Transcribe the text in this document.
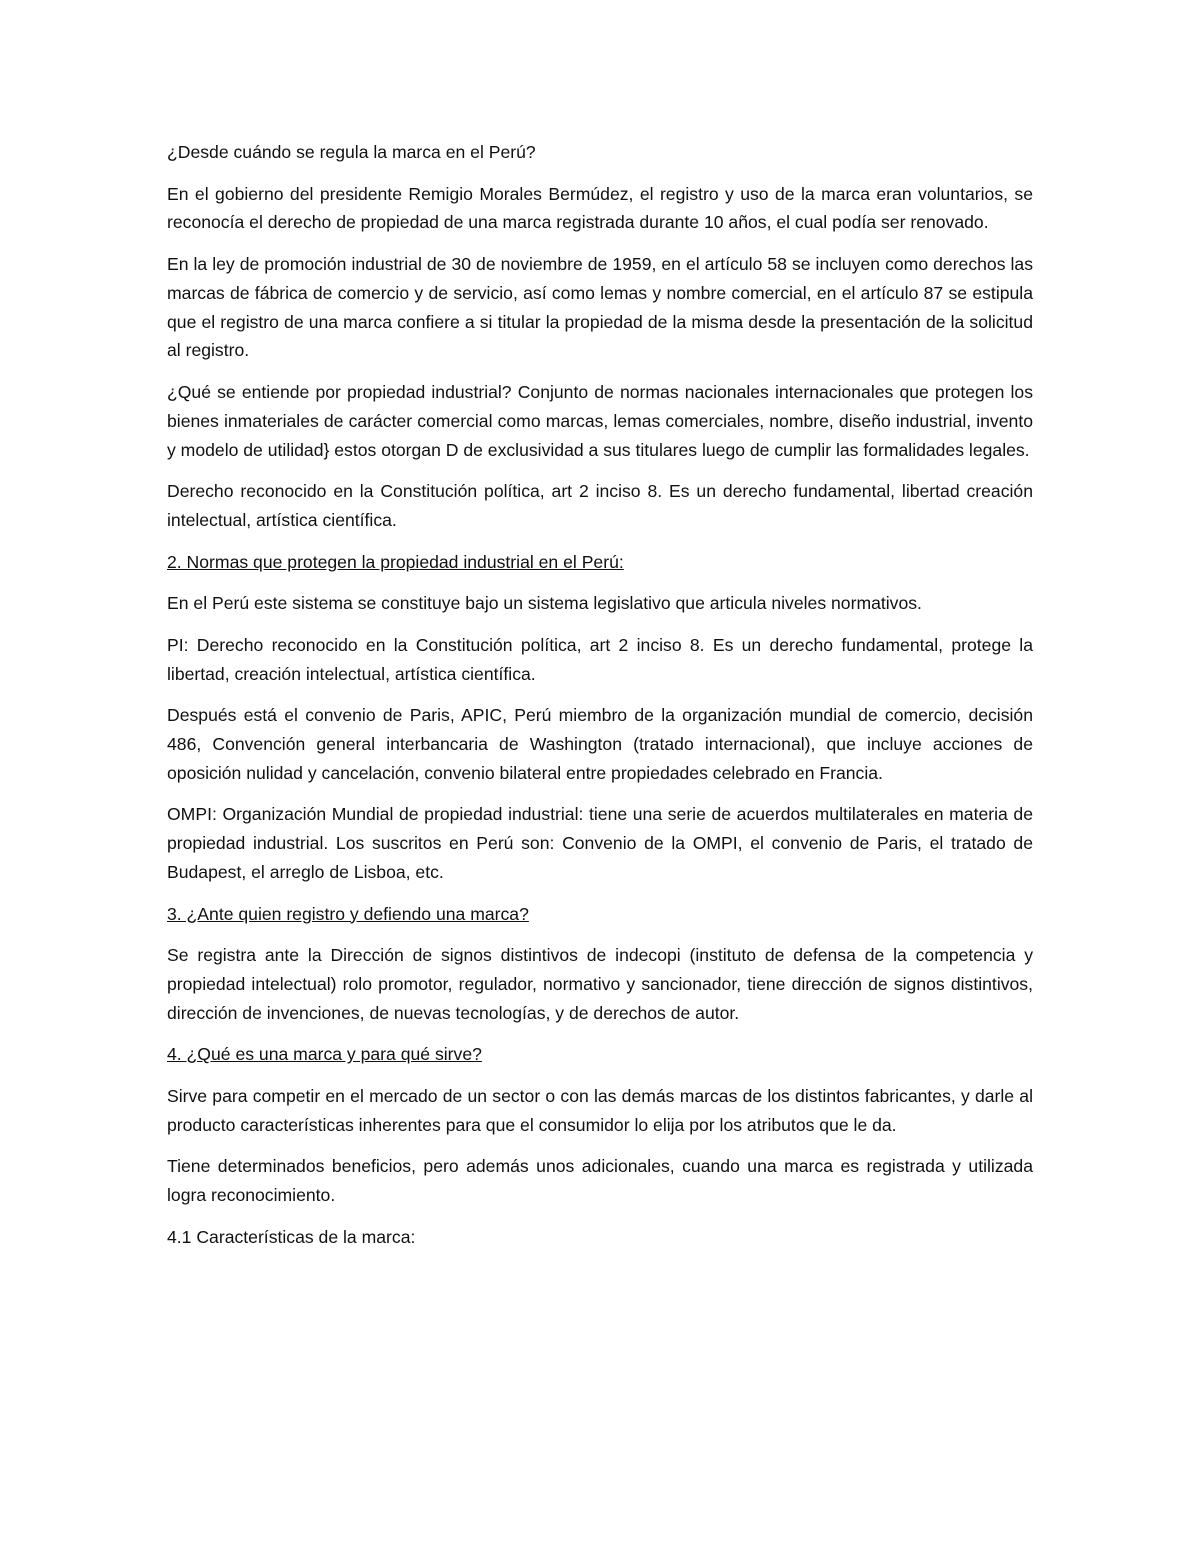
¿Desde cuándo se regula la marca en el Perú?

En el gobierno del presidente Remigio Morales Bermúdez, el registro y uso de la marca eran voluntarios, se reconocía el derecho de propiedad de una marca registrada durante 10 años, el cual podía ser renovado.

En la ley de promoción industrial de 30 de noviembre de 1959, en el artículo 58 se incluyen como derechos las marcas de fábrica de comercio y de servicio, así como lemas y nombre comercial, en el artículo 87 se estipula que el registro de una marca confiere a si titular la propiedad de la misma desde la presentación de la solicitud al registro.

¿Qué se entiende por propiedad industrial? Conjunto de normas nacionales internacionales que protegen los bienes inmateriales de carácter comercial como marcas, lemas comerciales, nombre, diseño industrial, invento y modelo de utilidad} estos otorgan D de exclusividad a sus titulares luego de cumplir las formalidades legales.

Derecho reconocido en la Constitución política, art 2 inciso 8. Es un derecho fundamental, libertad creación intelectual, artística científica.

2. Normas que protegen la propiedad industrial en el Perú:

En el Perú este sistema se constituye bajo un sistema legislativo que articula niveles normativos.

PI: Derecho reconocido en la Constitución política, art 2 inciso 8. Es un derecho fundamental, protege la libertad, creación intelectual, artística científica.

Después está el convenio de Paris, APIC, Perú miembro de la organización mundial de comercio, decisión 486, Convención general interbancaria de Washington (tratado internacional), que incluye acciones de oposición nulidad y cancelación, convenio bilateral entre propiedades celebrado en Francia.

OMPI: Organización Mundial de propiedad industrial: tiene una serie de acuerdos multilaterales en materia de propiedad industrial. Los suscritos en Perú son: Convenio de la OMPI, el convenio de Paris, el tratado de Budapest, el arreglo de Lisboa, etc.

3. ¿Ante quien registro y defiendo una marca?

Se registra ante la Dirección de signos distintivos de indecopi (instituto de defensa de la competencia y propiedad intelectual) rolo promotor, regulador, normativo y sancionador, tiene dirección de signos distintivos, dirección de invenciones, de nuevas tecnologías, y de derechos de autor.

4. ¿Qué es una marca y para qué sirve?

Sirve para competir en el mercado de un sector o con las demás marcas de los distintos fabricantes, y darle al producto características inherentes para que el consumidor lo elija por los atributos que le da.

Tiene determinados beneficios, pero además unos adicionales, cuando una marca es registrada y utilizada logra reconocimiento.

4.1 Características de la marca:
